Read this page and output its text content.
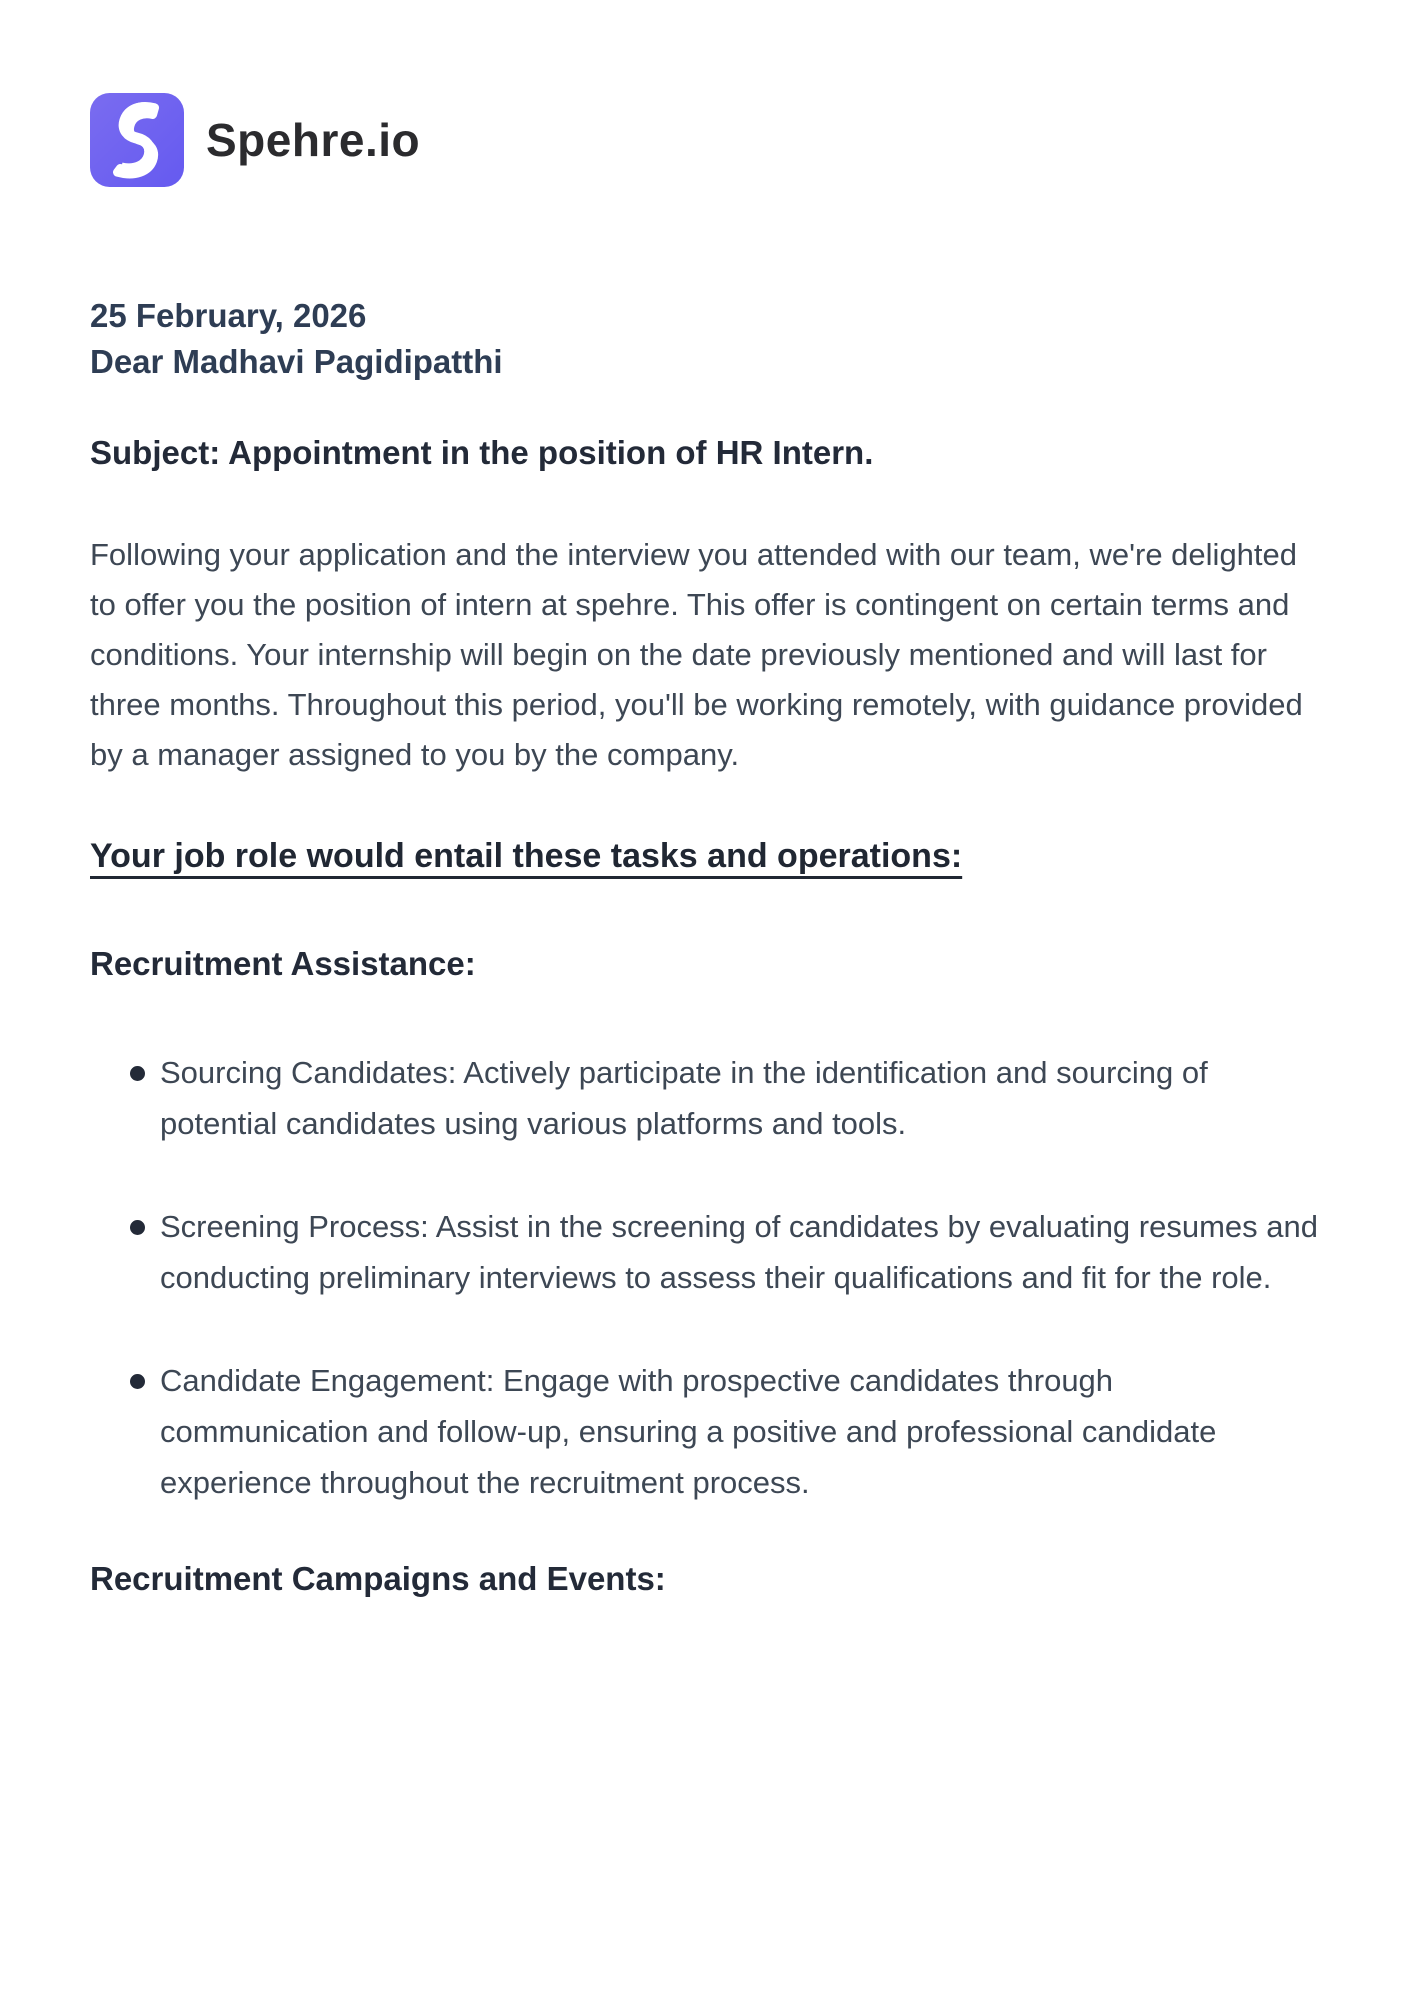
Spehre.io
25 February, 2026
Dear Madhavi Pagidipatthi
Subject: Appointment in the position of HR Intern.

Following your application and the interview you attended with our team, we're delighted to offer you the position of intern at spehre. This offer is contingent on certain terms and conditions. Your internship will begin on the date previously mentioned and will last for three months. Throughout this period, you'll be working remotely, with guidance provided by a manager assigned to you by the company.

Your job role would entail these tasks and operations:
Recruitment Assistance:
Sourcing Candidates: Actively participate in the identification and sourcing of potential candidates using various platforms and tools.
Screening Process: Assist in the screening of candidates by evaluating resumes and conducting preliminary interviews to assess their qualifications and fit for the role.
Candidate Engagement: Engage with prospective candidates through communication and follow-up, ensuring a positive and professional candidate experience throughout the recruitment process.
Recruitment Campaigns and Events:
